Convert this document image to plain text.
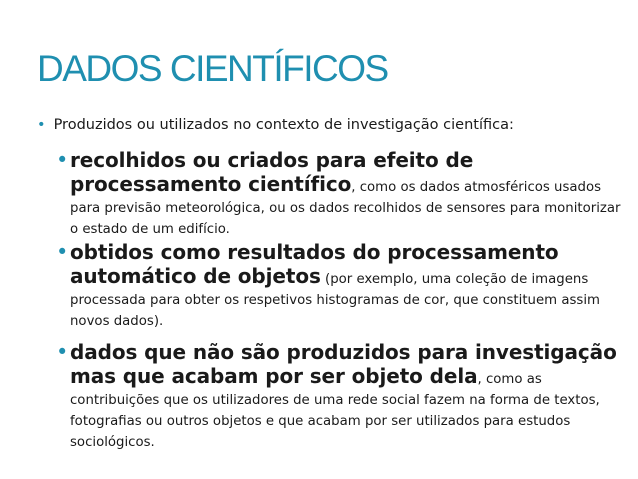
DADOS CIENTÍFICOS
• Produzidos ou utilizados no contexto de investigação científica:
• recolhidos ou criados para efeito de processamento científico, como os dados atmosféricos usados para previsão meteorológica, ou os dados recolhidos de sensores para monitorizar o estado de um edifício.
• obtidos como resultados do processamento automático de objetos (por exemplo, uma coleção de imagens processada para obter os respetivos histogramas de cor, que constituem assim novos dados).
• dados que não são produzidos para investigação mas que acabam por ser objeto dela, como as contribuições que os utilizadores de uma rede social fazem na forma de textos, fotografias ou outros objetos e que acabam por ser utilizados para estudos sociológicos.
